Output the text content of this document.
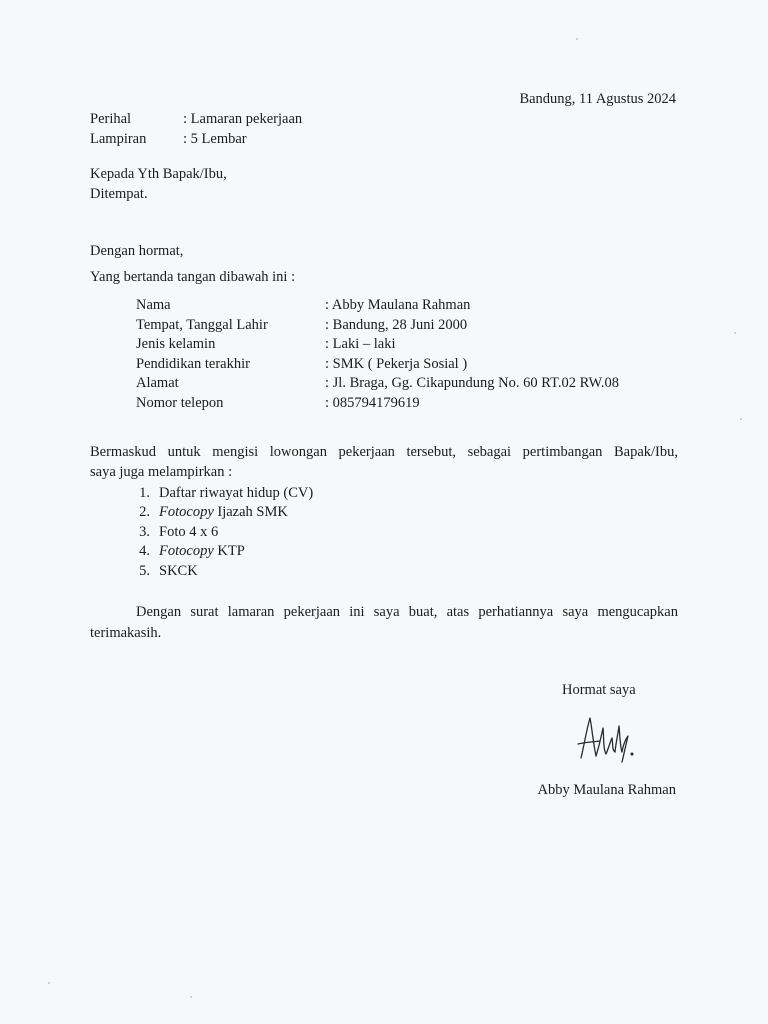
Bandung, 11 Agustus 2024
Perihal	: Lamaran pekerjaan
Lampiran	: 5 Lembar
Kepada Yth Bapak/Ibu,
Ditempat.
Dengan hormat,
Yang bertanda tangan dibawah ini :
Nama	: Abby Maulana Rahman
Tempat, Tanggal Lahir	: Bandung, 28 Juni 2000
Jenis kelamin	: Laki – laki
Pendidikan terakhir	: SMK ( Pekerja Sosial )
Alamat	: Jl. Braga, Gg. Cikapundung No. 60 RT.02 RW.08
Nomor telepon	: 085794179619
Bermaskud untuk mengisi lowongan pekerjaan tersebut, sebagai pertimbangan Bapak/Ibu,
saya juga melampirkan :
1. Daftar riwayat hidup (CV)
2. Fotocopy Ijazah SMK
3. Foto 4 x 6
4. Fotocopy KTP
5. SKCK
Dengan surat lamaran pekerjaan ini saya buat, atas perhatiannya saya mengucapkan
terimakasih.
Hormat saya
Abby Maulana Rahman
